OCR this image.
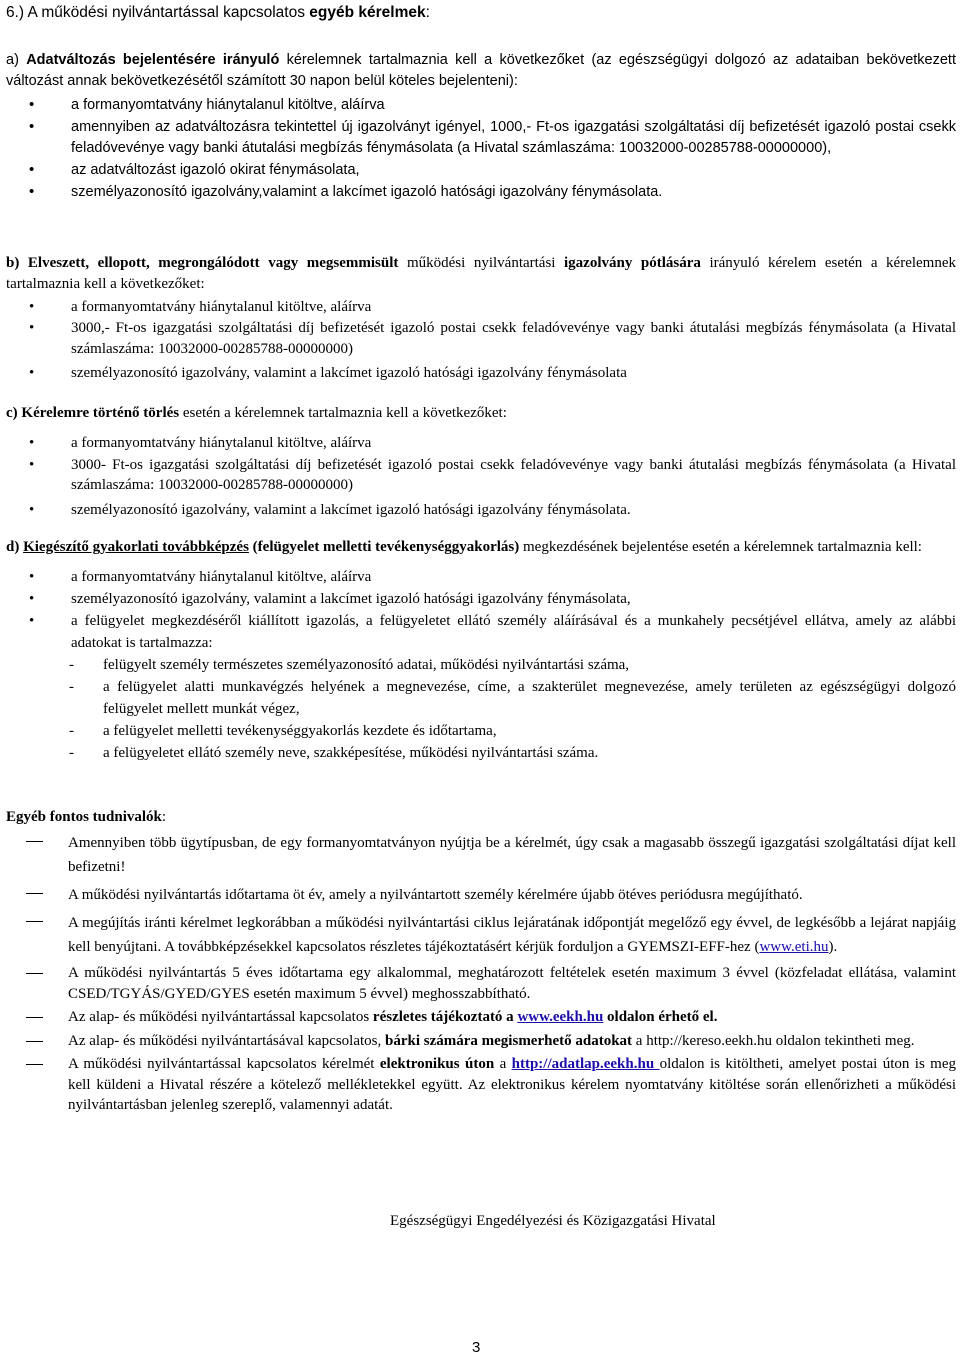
6.) A működési nyilvántartással kapcsolatos egyéb kérelmek:

a) Adatváltozás bejelentésére irányuló kérelemnek tartalmaznia kell a következőket (az egészségügyi dolgozó az adataiban bekövetkezett változást annak bekövetkezésétől számított 30 napon belül köteles bejelenteni):

• a formanyomtatvány hiánytalanul kitöltve, aláírva
• amennyiben az adatváltozásra tekintettel új igazolványt igényel, 1000,- Ft-os igazgatási szolgáltatási díj befizetését igazoló postai csekk feladóvevénye vagy banki átutalási megbízás fénymásolata (a Hivatal számlaszáma: 10032000-00285788-00000000),
• az adatváltozást igazoló okirat fénymásolata,
• személyazonosító igazolvány,valamint a lakcímet igazoló hatósági igazolvány fénymásolata.

b) Elveszett, ellopott, megrongálódott vagy megsemmisült működési nyilvántartási igazolvány pótlására irányuló kérelem esetén a kérelemnek tartalmaznia kell a következőket:

• a formanyomtatvány hiánytalanul kitöltve, aláírva
• 3000,- Ft-os igazgatási szolgáltatási díj befizetését igazoló postai csekk feladóvevénye vagy banki átutalási megbízás fénymásolata (a Hivatal számlaszáma: 10032000-00285788-00000000)
• személyazonosító igazolvány, valamint a lakcímet igazoló hatósági igazolvány fénymásolata

c) Kérelemre történő törlés esetén a kérelemnek tartalmaznia kell a következőket:

• a formanyomtatvány hiánytalanul kitöltve, aláírva
• 3000- Ft-os igazgatási szolgáltatási díj befizetését igazoló postai csekk feladóvevénye vagy banki átutalási megbízás fénymásolata (a Hivatal számlaszáma: 10032000-00285788-00000000)
• személyazonosító igazolvány, valamint a lakcímet igazoló hatósági igazolvány fénymásolata.

d) Kiegészítő gyakorlati továbbképzés (felügyelet melletti tevékenységgyakorlás) megkezdésének bejelentése esetén a kérelemnek tartalmaznia kell:

• a formanyomtatvány hiánytalanul kitöltve, aláírva
• személyazonosító igazolvány, valamint a lakcímet igazoló hatósági igazolvány fénymásolata,
• a felügyelet megkezdéséről kiállított igazolás, a felügyeletet ellátó személy aláírásával és a munkahely pecsétjével ellátva, amely az alábbi adatokat is tartalmazza:
- felügyelt személy természetes személyazonosító adatai, működési nyilvántartási száma,
- a felügyelet alatti munkavégzés helyének a megnevezése, címe, a szakterület megnevezése, amely területen az egészségügyi dolgozó felügyelet mellett munkát végez,
- a felügyelet melletti tevékenységgyakorlás kezdete és időtartama,
- a felügyeletet ellátó személy neve, szakképesítése, működési nyilvántartási száma.

Egyéb fontos tudnivalók:

Amennyiben több ügytípusban, de egy formanyomtatványon nyújtja be a kérelmét, úgy csak a magasabb összegű igazgatási szolgáltatási díjat kell befizetni!
A működési nyilvántartás időtartama öt év, amely a nyilvántartott személy kérelmére újabb ötéves periódusra megújítható.
A megújítás iránti kérelmet legkorábban a működési nyilvántartási ciklus lejáratának időpontját megelőző egy évvel, de legkésőbb a lejárat napjáig kell benyújtani. A továbbképzésekkel kapcsolatos részletes tájékoztatásért kérjük forduljon a GYEMSZI-EFF-hez (www.eti.hu).
A működési nyilvántartás 5 éves időtartama egy alkalommal, meghatározott feltételek esetén maximum 3 évvel (közfeladat ellátása, valamint CSED/TGYÁS/GYED/GYES esetén maximum 5 évvel) meghosszabbítható.
Az alap- és működési nyilvántartással kapcsolatos részletes tájékoztató a www.eekh.hu oldalon érhető el.
Az alap- és működési nyilvántartásával kapcsolatos, bárki számára megismerhető adatokat a http://kereso.eekh.hu oldalon tekintheti meg.
A működési nyilvántartással kapcsolatos kérelmét elektronikus úton a http://adatlap.eekh.hu oldalon is kitöltheti, amelyet postai úton is meg kell küldeni a Hivatal részére a kötelező mellékletekkel együtt. Az elektronikus kérelem nyomtatvány kitöltése során ellenőrizheti a működési nyilvántartásban jelenleg szereplő, valamennyi adatát.
Egészségügyi Engedélyezési és Közigazgatási Hivatal
3
